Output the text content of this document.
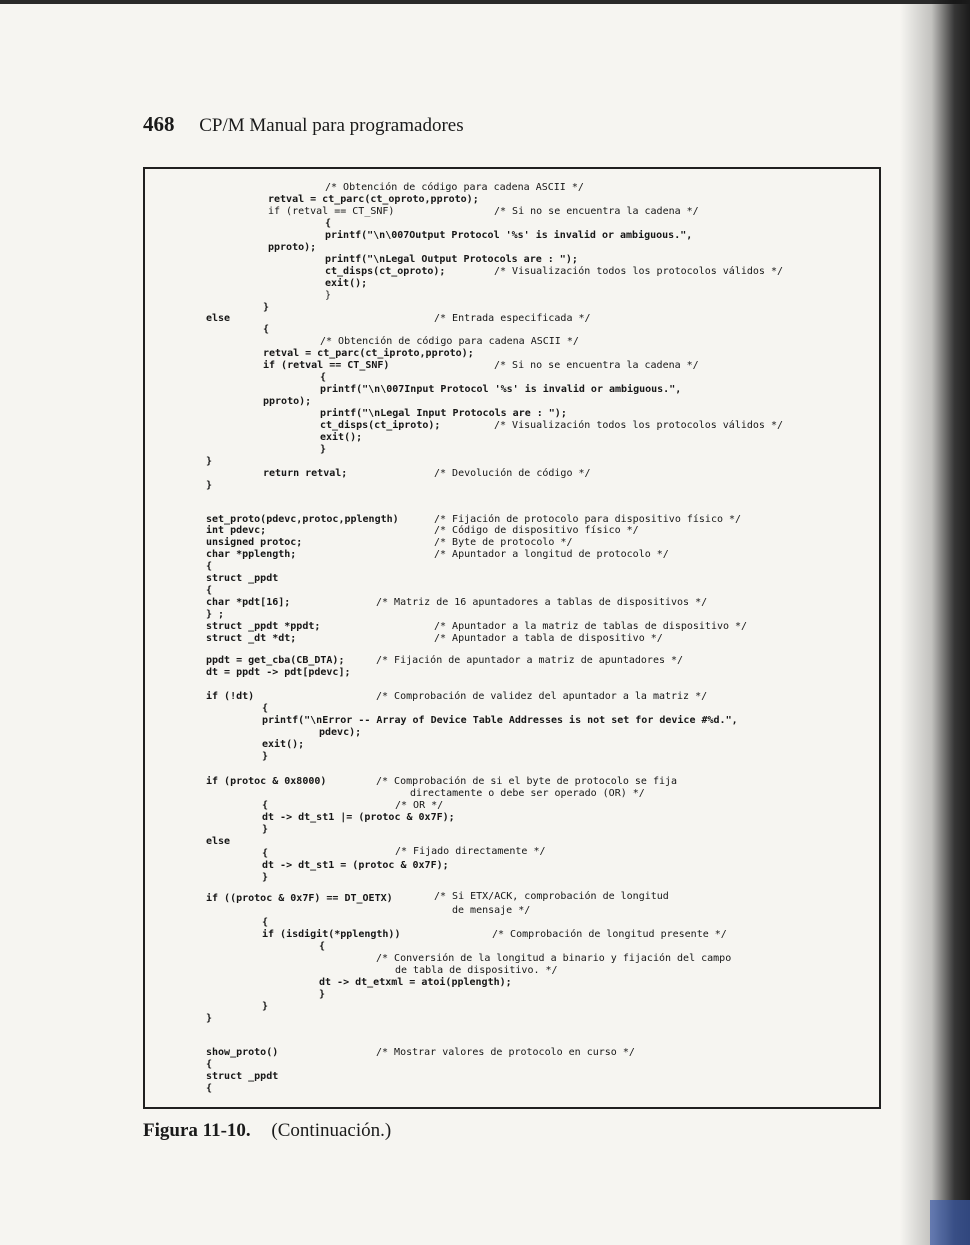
468 CP/M Manual para programadores
/* Obtención de código para cadena ASCII */
retval = ct_parc(ct_oproto,pproto);
if (retval == CT_SNF)	/* Si no se encuentra la cadena */
{
printf("\n\007Output Protocol '%s' is invalid or ambiguous.",
pproto);
printf("\nLegal Output Protocols are : ");
ct_disps(ct_oproto);	/* Visualización todos los protocolos válidos */
exit();
}
}
else	/* Entrada especificada */
{
/* Obtención de código para cadena ASCII */
retval = ct_parc(ct_iproto,pproto);
if (retval == CT_SNF)	/* Si no se encuentra la cadena */
{
printf("\n\007Input Protocol '%s' is invalid or ambiguous.",
pproto);
printf("\nLegal Input Protocols are : ");
ct_disps(ct_iproto);	/* Visualización todos los protocolos válidos */
exit();
}
}
return retval;	/* Devolución de código */
}
set_proto(pdevc,protoc,pplength)	/* Fijación de protocolo para dispositivo físico */
int pdevc;	/* Código de dispositivo físico */
unsigned protoc;	/* Byte de protocolo */
char *pplength;	/* Apuntador a longitud de protocolo */
{
struct _ppdt
{
char *pdt[16];	/* Matriz de 16 apuntadores a tablas de dispositivos */
} ;
struct _ppdt *ppdt;	/* Apuntador a la matriz de tablas de dispositivo */
struct _dt *dt;	/* Apuntador a tabla de dispositivo */
ppdt = get_cba(CB_DTA);	/* Fijación de apuntador a matriz de apuntadores */
dt = ppdt -> pdt[pdevc];
if (!dt)	/* Comprobación de validez del apuntador a la matriz */
{
printf("\nError -- Array of Device Table Addresses is not set for device #%d.",
pdevc);
exit();
}
if (protoc & 0x8000)	/* Comprobación de si el byte de protocolo se fija
directamente o debe ser operado (OR) */
{	/* OR */
dt -> dt_st1 |= (protoc & 0x7F);
}
else
{	/* Fijado directamente */
dt -> dt_st1 = (protoc & 0x7F);
}
if ((protoc & 0x7F) == DT_OETX)	/* Si ETX/ACK, comprobación de longitud
de mensaje */
{
if (isdigit(*pplength))	/* Comprobación de longitud presente */
{
/* Conversión de la longitud a binario y fijación del campo
de tabla de dispositivo. */
dt -> dt_etxml = atoi(pplength);
}
}
}
show_proto()	/* Mostrar valores de protocolo en curso */
{
struct _ppdt
{
Figura 11-10. (Continuación.)
